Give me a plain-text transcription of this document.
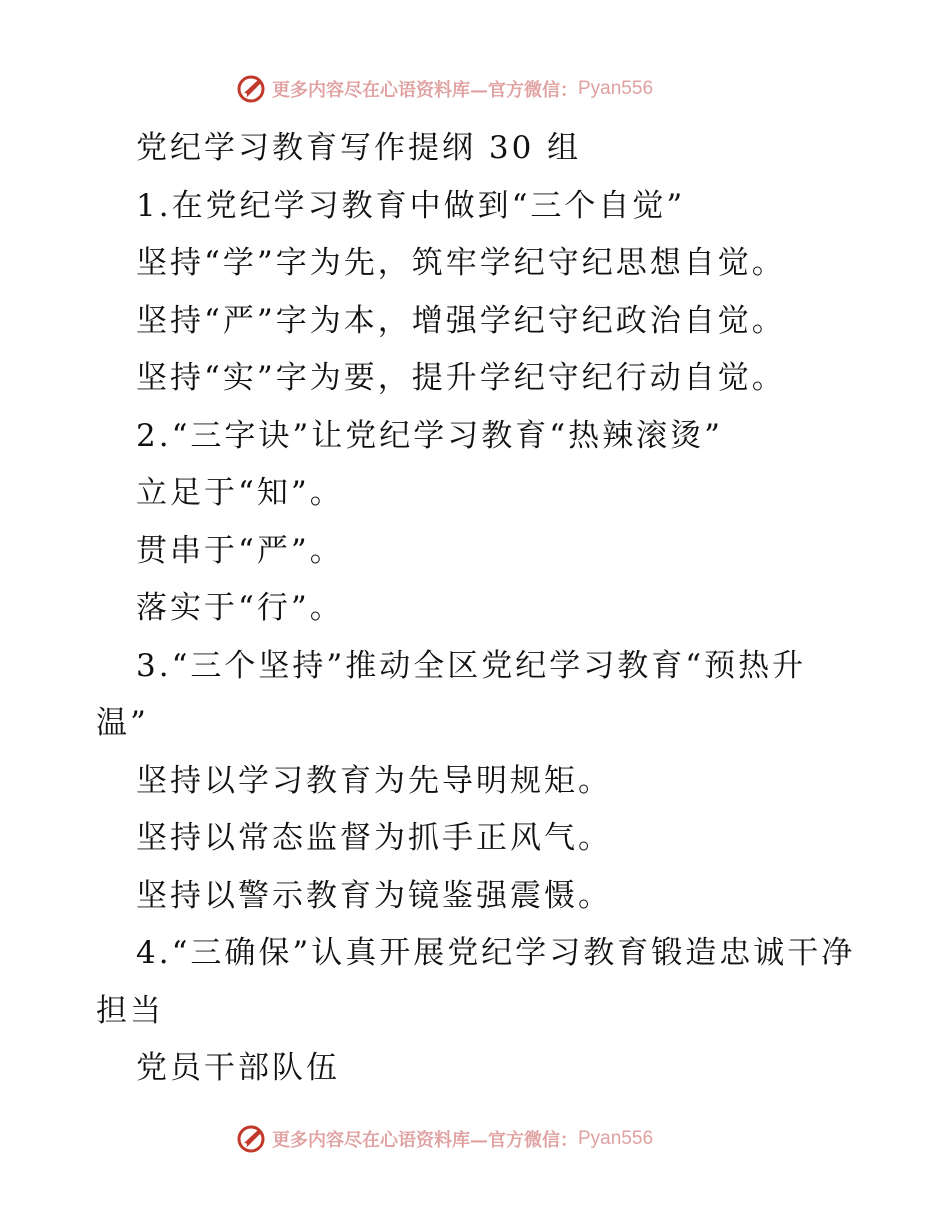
更多内容尽在心语资料库—官方微信： Pyan556

党纪学习教育写作提纲 30 组

1.在党纪学习教育中做到“三个自觉”

坚持“学”字为先，筑牢学纪守纪思想自觉。

坚持“严”字为本，增强学纪守纪政治自觉。

坚持“实”字为要，提升学纪守纪行动自觉。

2.“三字诀”让党纪学习教育“热辣滚烫”

立足于“知”。

贯串于“严”。

落实于“行”。

3.“三个坚持”推动全区党纪学习教育“预热升温”

坚持以学习教育为先导明规矩。

坚持以常态监督为抓手正风气。

坚持以警示教育为镜鉴强震慑。

4.“三确保”认真开展党纪学习教育锻造忠诚干净担当

党员干部队伍

更多内容尽在心语资料库—官方微信： Pyan556
